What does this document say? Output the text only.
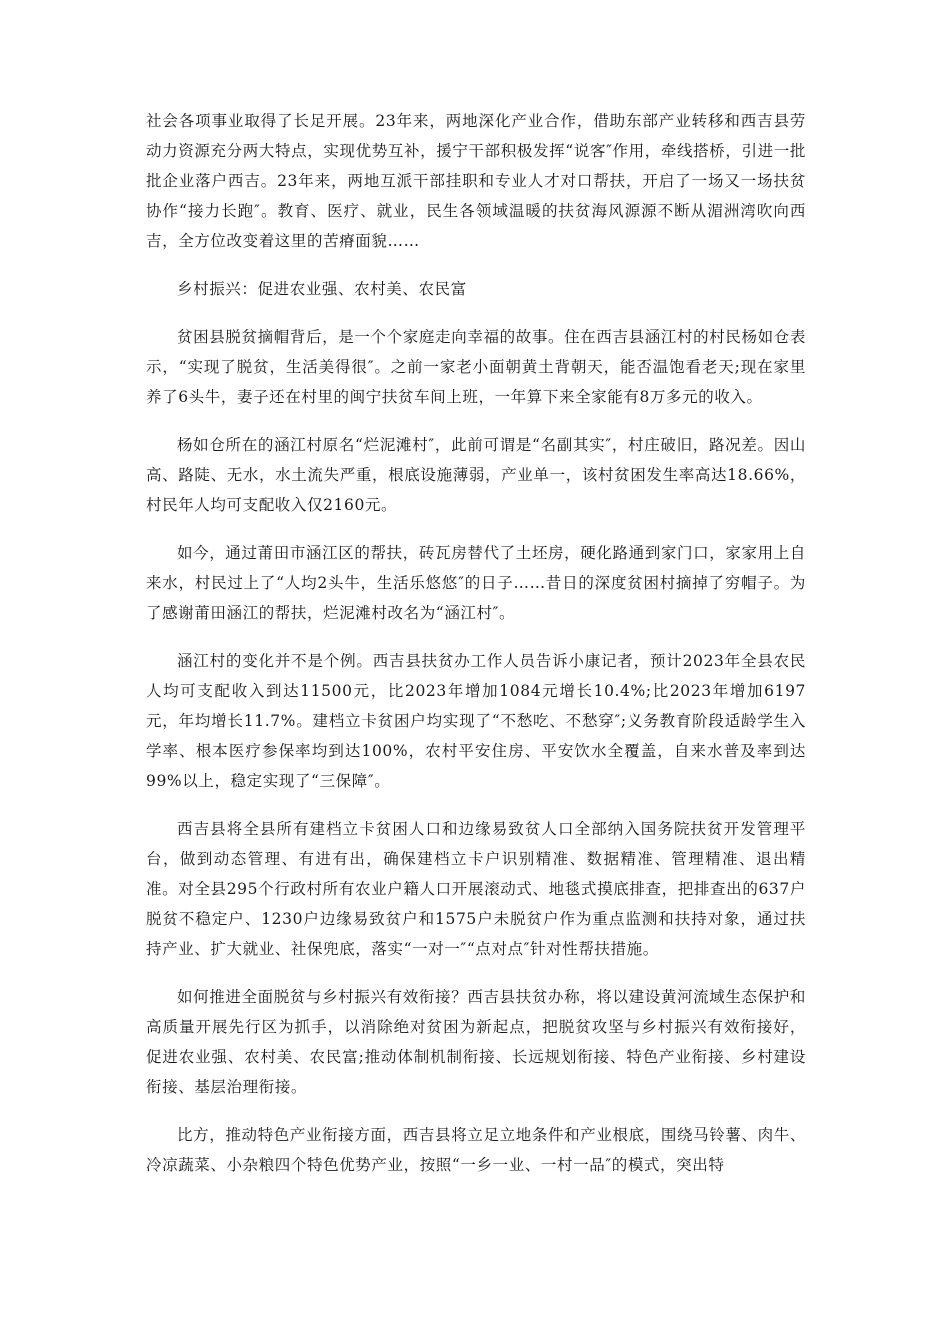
社会各项事业取得了长足开展。23年来，两地深化产业合作，借助东部产业转移和西吉县劳动力资源充分两大特点，实现优势互补，援宁干部积极发挥“说客″作用，牵线搭桥，引进一批批企业落户西吉。23年来，两地互派干部挂职和专业人才对口帮扶，开启了一场又一场扶贫协作“接力长跑″。教育、医疗、就业，民生各领域温暖的扶贫海风源源不断从湄洲湾吹向西吉，全方位改变着这里的苦瘠面貌……

乡村振兴：促进农业强、农村美、农民富

贫困县脱贫摘帽背后，是一个个家庭走向幸福的故事。住在西吉县涵江村的村民杨如仓表示，“实现了脱贫，生活美得很″。之前一家老小面朝黄土背朝天，能否温饱看老天;现在家里养了6头牛，妻子还在村里的闽宁扶贫车间上班，一年算下来全家能有8万多元的收入。

杨如仓所在的涵江村原名“烂泥滩村″，此前可谓是“名副其实″，村庄破旧，路况差。因山高、路陡、无水，水土流失严重，根底设施薄弱，产业单一，该村贫困发生率高达18.66%，村民年人均可支配收入仅2160元。

如今，通过莆田市涵江区的帮扶，砖瓦房替代了土坯房，硬化路通到家门口，家家用上自来水，村民过上了“人均2头牛，生活乐悠悠″的日子……昔日的深度贫困村摘掉了穷帽子。为了感谢莆田涵江的帮扶，烂泥滩村改名为“涵江村″。

涵江村的变化并不是个例。西吉县扶贫办工作人员告诉小康记者，预计2023年全县农民人均可支配收入到达11500元，比2023年增加1084元增长10.4%;比2023年增加6197元，年均增长11.7%。建档立卡贫困户均实现了“不愁吃、不愁穿″;义务教育阶段适龄学生入学率、根本医疗参保率均到达100%，农村平安住房、平安饮水全覆盖，自来水普及率到达99%以上，稳定实现了“三保障″。

西吉县将全县所有建档立卡贫困人口和边缘易致贫人口全部纳入国务院扶贫开发管理平台，做到动态管理、有进有出，确保建档立卡户识别精准、数据精准、管理精准、退出精准。对全县295个行政村所有农业户籍人口开展滚动式、地毯式摸底排查，把排查出的637户脱贫不稳定户、1230户边缘易致贫户和1575户未脱贫户作为重点监测和扶持对象，通过扶持产业、扩大就业、社保兜底，落实“一对一″“点对点″针对性帮扶措施。

如何推进全面脱贫与乡村振兴有效衔接？西吉县扶贫办称，将以建设黄河流域生态保护和高质量开展先行区为抓手，以消除绝对贫困为新起点，把脱贫攻坚与乡村振兴有效衔接好，促进农业强、农村美、农民富;推动体制机制衔接、长远规划衔接、特色产业衔接、乡村建设衔接、基层治理衔接。

比方，推动特色产业衔接方面，西吉县将立足立地条件和产业根底，围绕马铃薯、肉牛、冷凉蔬菜、小杂粮四个特色优势产业，按照“一乡一业、一村一品″的模式，突出特
